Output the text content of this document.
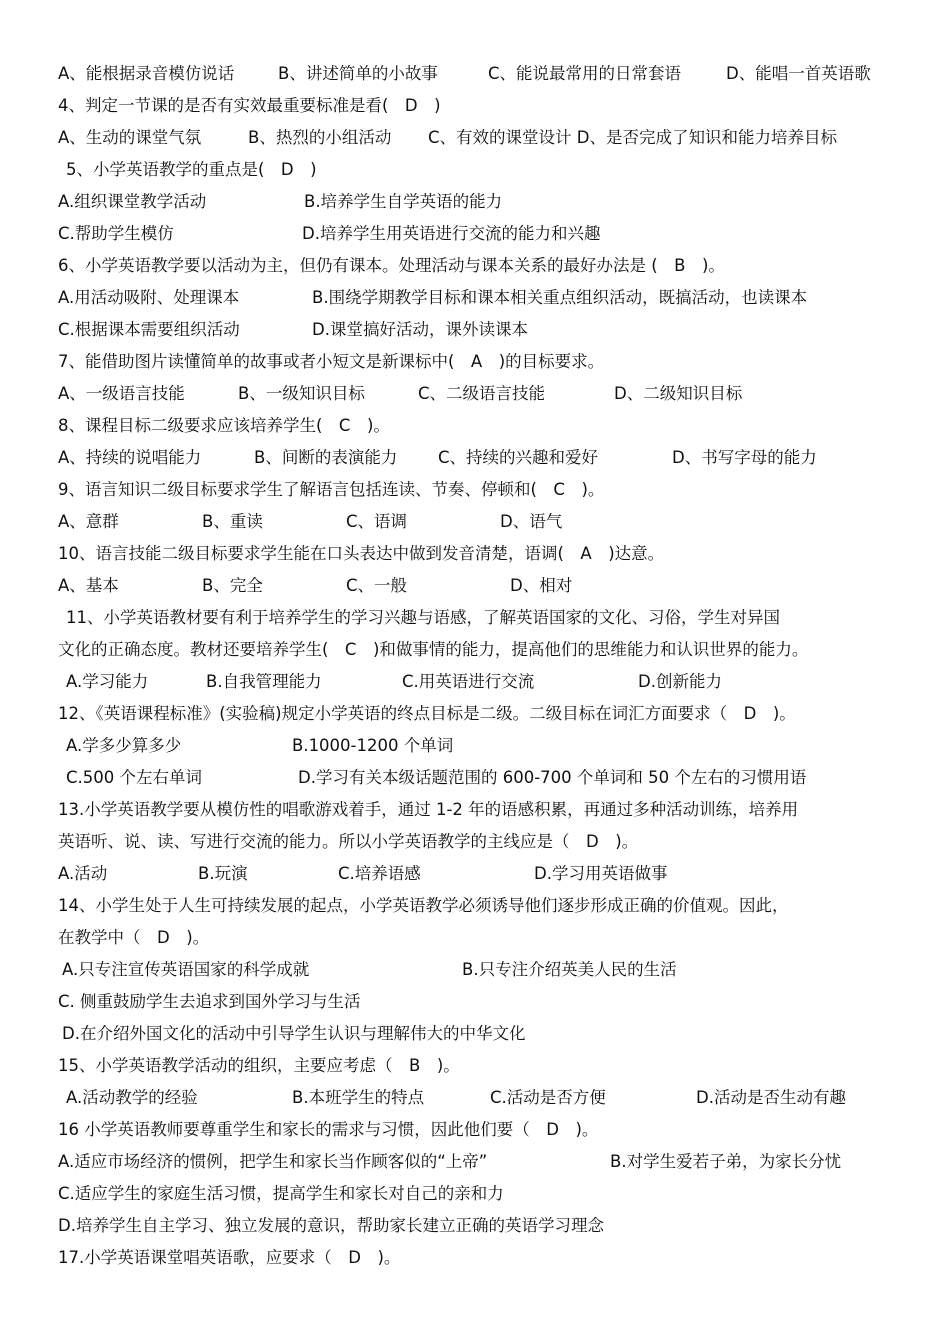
A、能根据录音模仿说话	B、讲述简单的小故事	C、能说最常用的日常套语	D、能唱一首英语歌
4、判定一节课的是否有实效最重要标准是看(　D　)
A、生动的课堂气氛	B、热烈的小组活动 C、有效的课堂设计 D、是否完成了知识和能力培养目标
5、小学英语教学的重点是(　D　)
A.组织课堂教学活动	B.培养学生自学英语的能力
C.帮助学生模仿	D.培养学生用英语进行交流的能力和兴趣
6、小学英语教学要以活动为主，但仍有课本。处理活动与课本关系的最好办法是 (　B　)。
A.用活动吸附、处理课本	B.围绕学期教学目标和课本相关重点组织活动，既搞活动，也读课本
C.根据课本需要组织活动	D.课堂搞好活动，课外读课本
7、能借助图片读懂简单的故事或者小短文是新课标中(　A　)的目标要求。
A、一级语言技能	B、一级知识目标	C、二级语言技能	D、二级知识目标
8、课程目标二级要求应该培养学生(　C　)。
A、持续的说唱能力	B、间断的表演能力 C、持续的兴趣和爱好	D、书写字母的能力
9、语言知识二级目标要求学生了解语言包括连读、节奏、停顿和(　C　)。
A、意群	B、重读	C、语调	D、语气
10、语言技能二级目标要求学生能在口头表达中做到发音清楚，语调(　A　)达意。
A、基本	B、完全	C、一般	D、相对
11、小学英语教材要有利于培养学生的学习兴趣与语感，了解英语国家的文化、习俗，学生对异国
文化的正确态度。教材还要培养学生(　C　)和做事情的能力，提高他们的思维能力和认识世界的能力。
A.学习能力	B.自我管理能力	C.用英语进行交流	D.创新能力
12、《英语课程标准》(实验稿)规定小学英语的终点目标是二级。二级目标在词汇方面要求（　D　)。
A.学多少算多少	B.1000-1200 个单词
C.500 个左右单词	D.学习有关本级话题范围的 600-700 个单词和 50 个左右的习惯用语
13.小学英语教学要从模仿性的唱歌游戏着手，通过 1-2 年的语感积累，再通过多种活动训练，培养用
英语听、说、读、写进行交流的能力。所以小学英语教学的主线应是（　D　)。
A.活动	B.玩演	C.培养语感	D.学习用英语做事
14、小学生处于人生可持续发展的起点，小学英语教学必须诱导他们逐步形成正确的价值观。因此，
在教学中（　D　)。
A.只专注宣传英语国家的科学成就	B.只专注介绍英美人民的生活
C. 侧重鼓励学生去追求到国外学习与生活
D.在介绍外国文化的活动中引导学生认识与理解伟大的中华文化
15、小学英语教学活动的组织，主要应考虑（　B　)。
A.活动教学的经验	B.本班学生的特点	C.活动是否方便	D.活动是否生动有趣
16 小学英语教师要尊重学生和家长的需求与习惯，因此他们要（　D　)。
A.适应市场经济的惯例，把学生和家长当作顾客似的“上帝”	B.对学生爱若子弟，为家长分忧
C.适应学生的家庭生活习惯，提高学生和家长对自己的亲和力
D.培养学生自主学习、独立发展的意识，帮助家长建立正确的英语学习理念
17.小学英语课堂唱英语歌，应要求（　D　)。
